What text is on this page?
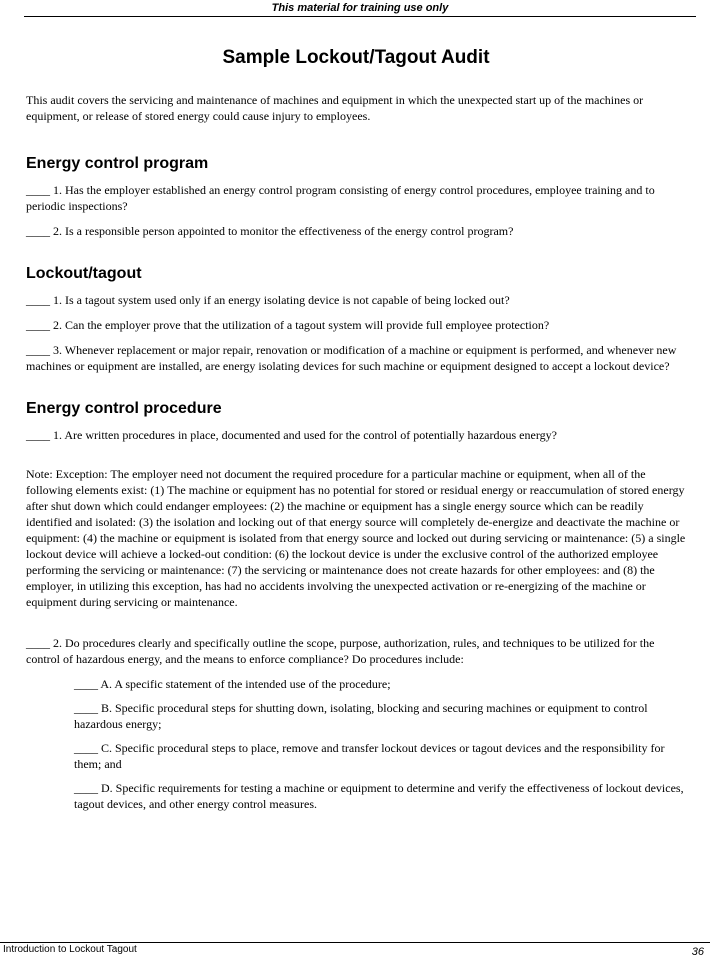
This material for training use only
Sample Lockout/Tagout Audit
This audit covers the servicing and maintenance of machines and equipment in which the unexpected start up of the machines or equipment, or release of stored energy could cause injury to employees.
Energy control program
____ 1. Has the employer established an energy control program consisting of energy control procedures, employee training and to periodic inspections?
____ 2. Is a responsible person appointed to monitor the effectiveness of the energy control program?
Lockout/tagout
____ 1. Is a tagout system used only if an energy isolating device is not capable of being locked out?
____ 2. Can the employer prove that the utilization of a tagout system will provide full employee protection?
____ 3. Whenever replacement or major repair, renovation or modification of a machine or equipment is performed, and whenever new machines or equipment are installed, are energy isolating devices for such machine or equipment designed to accept a lockout device?
Energy control procedure
____ 1. Are written procedures in place, documented and used for the control of potentially hazardous energy?
Note: Exception: The employer need not document the required procedure for a particular machine or equipment, when all of the following elements exist: (1) The machine or equipment has no potential for stored or residual energy or reaccumulation of stored energy after shut down which could endanger employees: (2) the machine or equipment has a single energy source which can be readily identified and isolated: (3) the isolation and locking out of that energy source will completely de-energize and deactivate the machine or equipment: (4) the machine or equipment is isolated from that energy source and locked out during servicing or maintenance: (5) a single lockout device will achieve a locked-out condition: (6) the lockout device is under the exclusive control of the authorized employee performing the servicing or maintenance: (7) the servicing or maintenance does not create hazards for other employees: and (8) the employer, in utilizing this exception, has had no accidents involving the unexpected activation or re-energizing of the machine or equipment during servicing or maintenance.
____ 2. Do procedures clearly and specifically outline the scope, purpose, authorization, rules, and techniques to be utilized for the control of hazardous energy, and the means to enforce compliance? Do procedures include:
____ A. A specific statement of the intended use of the procedure;
____ B. Specific procedural steps for shutting down, isolating, blocking and securing machines or equipment to control hazardous energy;
____ C. Specific procedural steps to place, remove and transfer lockout devices or tagout devices and the responsibility for them; and
____ D. Specific requirements for testing a machine or equipment to determine and verify the effectiveness of lockout devices, tagout devices, and other energy control measures.
Introduction to Lockout Tagout	36
